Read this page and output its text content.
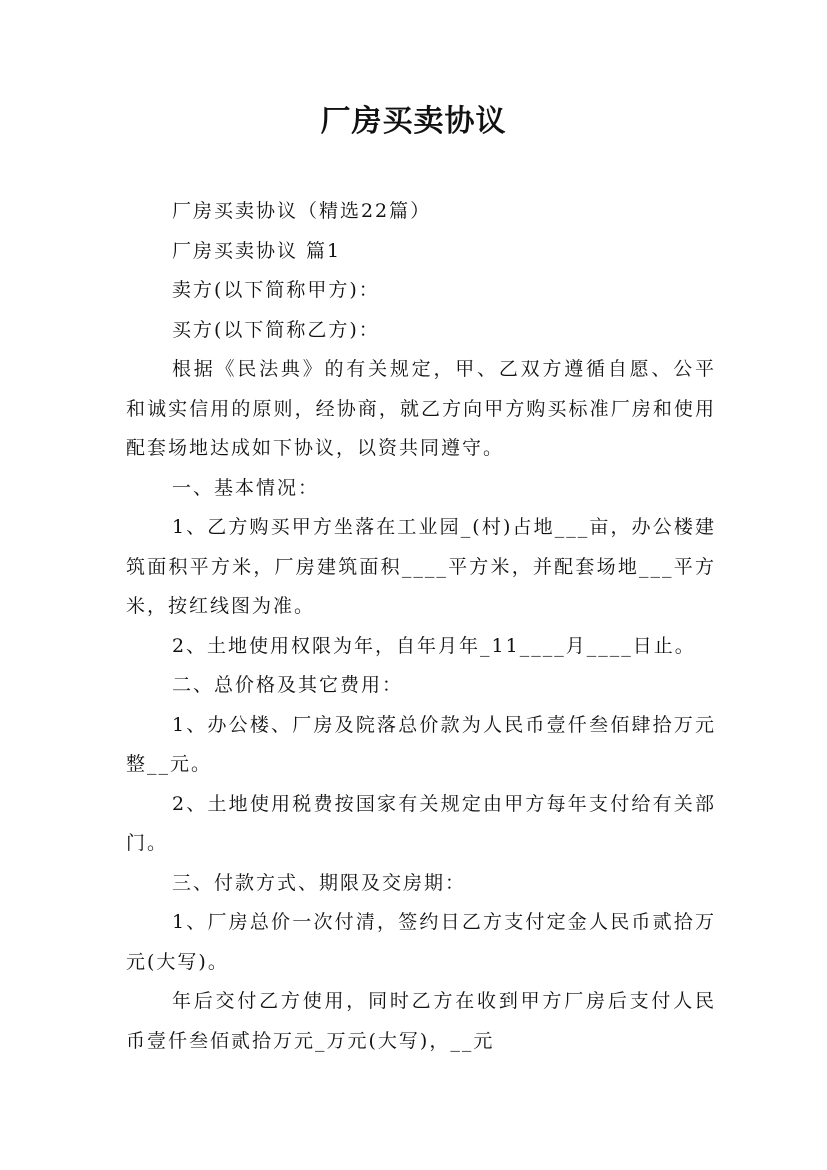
厂房买卖协议

厂房买卖协议（精选22篇）

厂房买卖协议 篇1

卖方(以下简称甲方)：

买方(以下简称乙方)：

根据《民法典》的有关规定，甲、乙双方遵循自愿、公平和诚实信用的原则，经协商，就乙方向甲方购买标准厂房和使用配套场地达成如下协议，以资共同遵守。

一、基本情况：

1、乙方购买甲方坐落在工业园_(村)占地___亩，办公楼建筑面积平方米，厂房建筑面积____平方米，并配套场地___平方米，按红线图为准。

2、土地使用权限为年，自年月年_11____月____日止。

二、总价格及其它费用：

1、办公楼、厂房及院落总价款为人民币壹仟叁佰肆拾万元整__元。

2、土地使用税费按国家有关规定由甲方每年支付给有关部门。

三、付款方式、期限及交房期：

1、厂房总价一次付清，签约日乙方支付定金人民币贰拾万元(大写)。

年后交付乙方使用，同时乙方在收到甲方厂房后支付人民币壹仟叁佰贰拾万元_万元(大写)，__元
